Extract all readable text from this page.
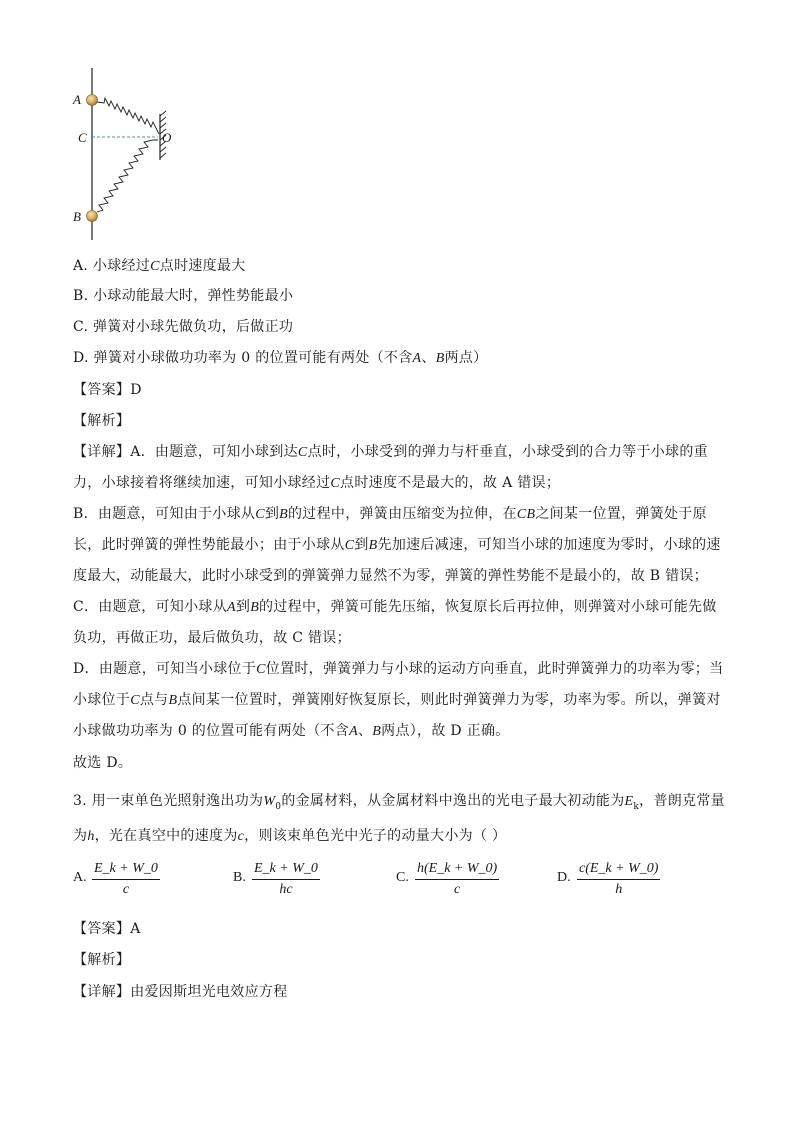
A
C	O
B
A. 小球经过C点时速度最大
B. 小球动能最大时，弹性势能最小
C. 弹簧对小球先做负功，后做正功
D. 弹簧对小球做功功率为 0 的位置可能有两处（不含A、B两点）
【答案】D
【解析】
【详解】A．由题意，可知小球到达C点时，小球受到的弹力与杆垂直，小球受到的合力等于小球的重
力，小球接着将继续加速，可知小球经过C点时速度不是最大的，故 A 错误；
B．由题意，可知由于小球从C到B的过程中，弹簧由压缩变为拉伸，在CB之间某一位置，弹簧处于原
长，此时弹簧的弹性势能最小；由于小球从C到B先加速后减速，可知当小球的加速度为零时，小球的速
度最大，动能最大，此时小球受到的弹簧弹力显然不为零，弹簧的弹性势能不是最小的，故 B 错误；
C．由题意，可知小球从A到B的过程中，弹簧可能先压缩，恢复原长后再拉伸，则弹簧对小球可能先做
负功，再做正功，最后做负功，故 C 错误；
D．由题意，可知当小球位于C位置时，弹簧弹力与小球的运动方向垂直，此时弹簧弹力的功率为零；当
小球位于C点与B点间某一位置时，弹簧刚好恢复原长，则此时弹簧弹力为零，功率为零。所以，弹簧对
小球做功功率为 0 的位置可能有两处（不含A、B两点），故 D 正确。
故选 D。
3. 用一束单色光照射逸出功为$W_0$的金属材料，从金属材料中逸出的光电子最大初动能为$E_k$，普朗克常量
为h，光在真空中的速度为c，则该束单色光中光子的动量大小为（ ）
A. $\frac{E\_k + W\_0}{c}$	B. $\frac{E\_k + W\_0}{hc}$	C. $\frac{h(E\_k + W\_0)}{c}$	D. $\frac{c(E\_k + W\_0)}{h}$
【答案】A
【解析】
【详解】由爱因斯坦光电效应方程
